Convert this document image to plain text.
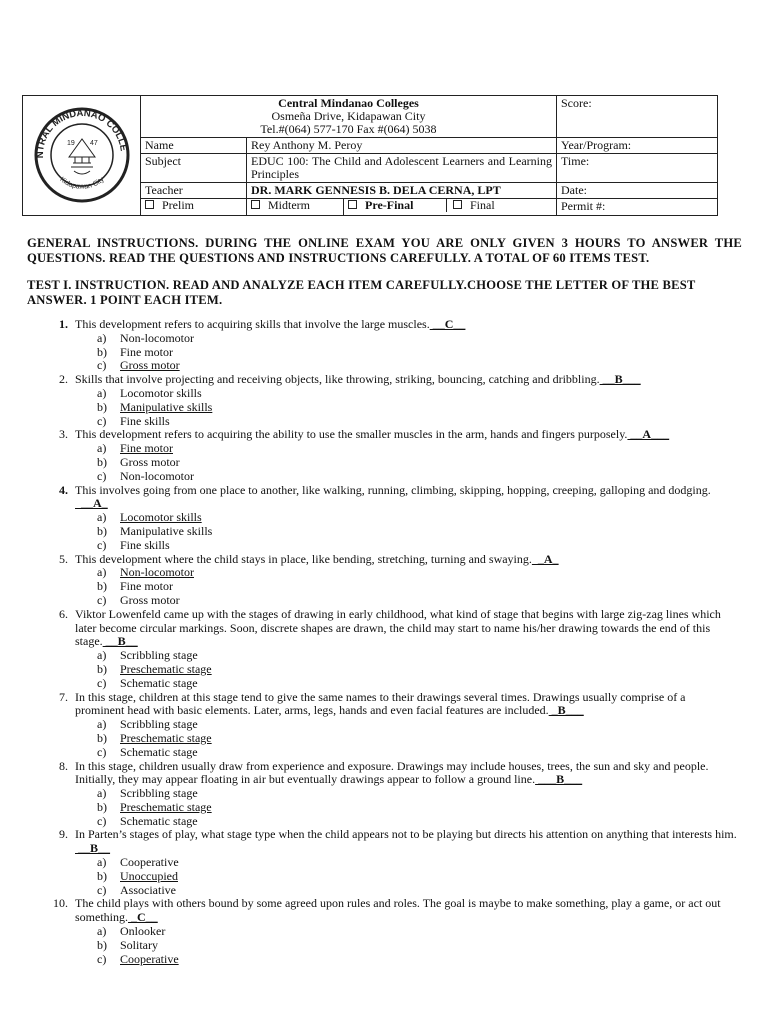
NTRAL MINDANAO COLLE
Kidapawan City
19 47	Central Mindanao Colleges
Osmeña Drive, Kidapawan City
Tel.#(064) 577-170 Fax #(064) 5038			Score:

	Name	Rey Anthony M. Peroy		Year/Program:
	Subject	EDUC 100: The Child and Adolescent Learners and Learning Principles		Time:
	Teacher	DR. MARK GENNESIS B. DELA CERNA, LPT		Date:
	Prelim	Midterm	Pre-Final Final	Permit #:
GENERAL INSTRUCTIONS. DURING THE ONLINE EXAM YOU ARE ONLY GIVEN 3 HOURS TO ANSWER THE QUESTIONS. READ THE QUESTIONS AND INSTRUCTIONS CAREFULLY. A TOTAL OF 60 ITEMS TEST.
TEST I. INSTRUCTION. READ AND ANALYZE EACH ITEM CAREFULLY.CHOOSE THE LETTER OF THE BEST ANSWER. 1 POINT EACH ITEM.
1. This development refers to acquiring skills that involve the large muscles. __C__
a) Non-locomotor
b) Fine motor
c) Gross motor
2. Skills that involve projecting and receiving objects, like throwing, striking, bouncing, catching and dribbling. __B___
a) Locomotor skills
b) Manipulative skills
c) Fine skills
3. This development refers to acquiring the ability to use the smaller muscles in the arm, hands and fingers purposely. __A___
a) Fine motor
b) Gross motor
c) Non-locomotor
4. This involves going from one place to another, like walking, running, climbing, skipping, hopping, creeping, galloping and dodging.  __A_
a) Locomotor skills
b) Manipulative skills
c) Fine skills
5. This development where the child stays in place, like bending, stretching, turning and swaying.  _A_
a) Non-locomotor
b) Fine motor
c) Gross motor
6. Viktor Lowenfeld came up with the stages of drawing in early childhood, what kind of stage that begins with large zig-zag lines which later become circular markings. Soon, discrete shapes are drawn, the child may start to name his/her drawing towards the end of this stage. __B__
a) Scribbling stage
b) Preschematic stage
c) Schematic stage
7. In this stage, children at this stage tend to give the same names to their drawings several times. Drawings usually comprise of a prominent head with basic elements. Later, arms, legs, hands and even facial features are included. _B___
a) Scribbling stage
b) Preschematic stage
c) Schematic stage
8. In this stage, children usually draw from experience and exposure. Drawings may include houses, trees, the sun and sky and people. Initially, they may appear floating in air but eventually drawings appear to follow a ground line. ___B___
a) Scribbling stage
b) Preschematic stage
c) Schematic stage
9. In Parten’s stages of play, what stage type when the child appears not to be playing but directs his attention on anything that interests him. __B__
a) Cooperative
b) Unoccupied
c) Associative
10. The child plays with others bound by some agreed upon rules and roles. The goal is maybe to make something, play a game, or act out something. _C__
a) Onlooker
b) Solitary
c) Cooperative
